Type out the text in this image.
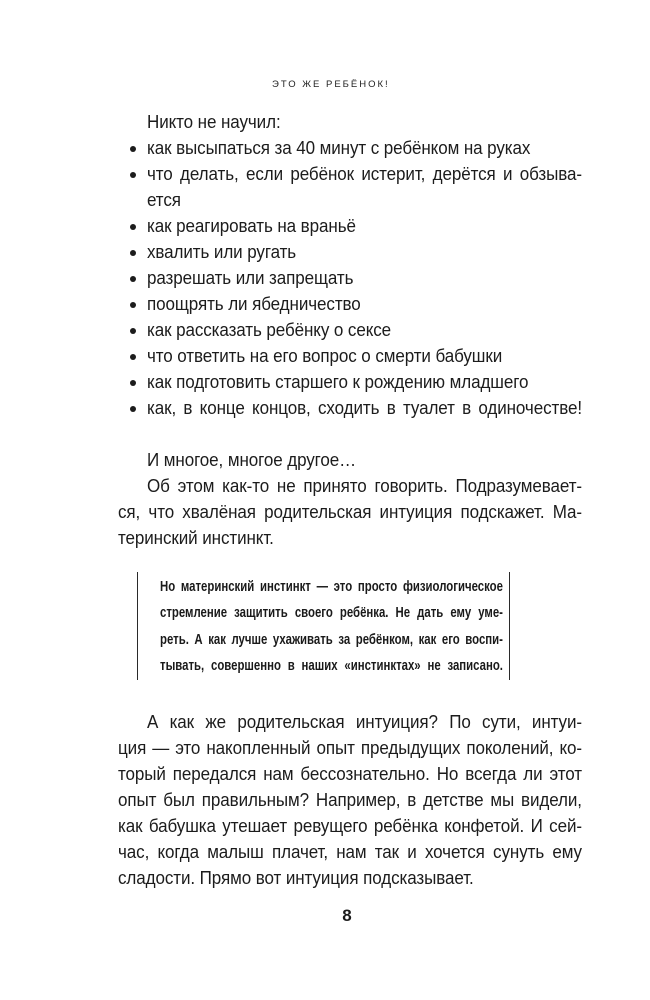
ЭТО ЖЕ РЕБЁНОК!
Никто не научил:
как высыпаться за 40 минут с ребёнком на руках
что делать, если ребёнок истерит, дерётся и обзыва-
ется
как реагировать на враньё
хвалить или ругать
разрешать или запрещать
поощрять ли ябедничество
как рассказать ребёнку о сексе
что ответить на его вопрос о смерти бабушки
как подготовить старшего к рождению младшего
как, в конце концов, сходить в туалет в одиночестве!
И многое, многое другое…
Об этом как-то не принято говорить. Подразумевает-
ся, что хвалёная родительская интуиция подскажет. Ма-
теринский инстинкт.
Но материнский инстинкт — это просто физиологическое
стремление защитить своего ребёнка. Не дать ему уме-
реть. А как лучше ухаживать за ребёнком, как его воспи-
тывать, совершенно в наших «инстинктах» не записано.
А как же родительская интуиция? По сути, интуи-
ция — это накопленный опыт предыдущих поколений, ко-
торый передался нам бессознательно. Но всегда ли этот
опыт был правильным? Например, в детстве мы видели,
как бабушка утешает ревущего ребёнка конфетой. И сей-
час, когда малыш плачет, нам так и хочется сунуть ему
сладости. Прямо вот интуиция подсказывает.
8
